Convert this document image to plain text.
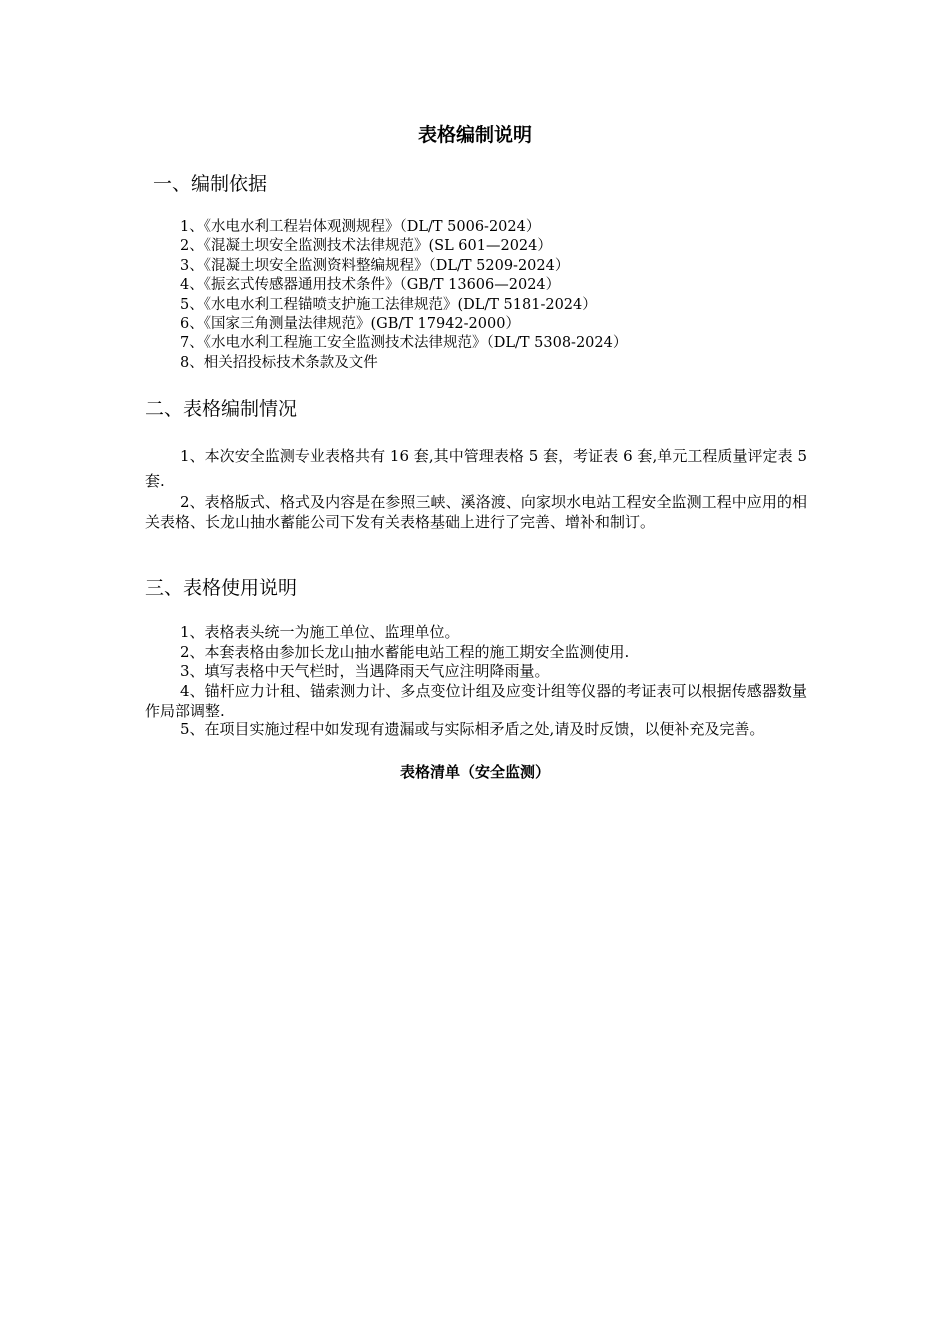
表格编制说明
一、编制依据
1、《水电水利工程岩体观测规程》（DL/T 5006-2024）
2、《混凝土坝安全监测技术法律规范》(SL 601—2024）
3、《混凝土坝安全监测资料整编规程》（DL/T 5209-2024）
4、《振玄式传感器通用技术条件》（GB/T 13606—2024）
5、《水电水利工程锚喷支护施工法律规范》(DL/T 5181-2024）
6、《国家三角测量法律规范》(GB/T 17942-2000）
7、《水电水利工程施工安全监测技术法律规范》（DL/T 5308-2024）
8、相关招投标技术条款及文件
二、表格编制情况

1、本次安全监测专业表格共有 16 套,其中管理表格 5 套，考证表 6 套,单元工程质量评定表 5 套.

2、表格版式、格式及内容是在参照三峡、溪洛渡、向家坝水电站工程安全监测工程中应用的相关表格、长龙山抽水蓄能公司下发有关表格基础上进行了完善、增补和制订。

三、表格使用说明

1、表格表头统一为施工单位、监理单位。

2、本套表格由参加长龙山抽水蓄能电站工程的施工期安全监测使用.

3、填写表格中天气栏时，当遇降雨天气应注明降雨量。

4、锚杆应力计租、锚索测力计、多点变位计组及应变计组等仪器的考证表可以根据传感器数量作局部调整.

5、在项目实施过程中如发现有遗漏或与实际相矛盾之处,请及时反馈，以便补充及完善。

表格清单（安全监测）
